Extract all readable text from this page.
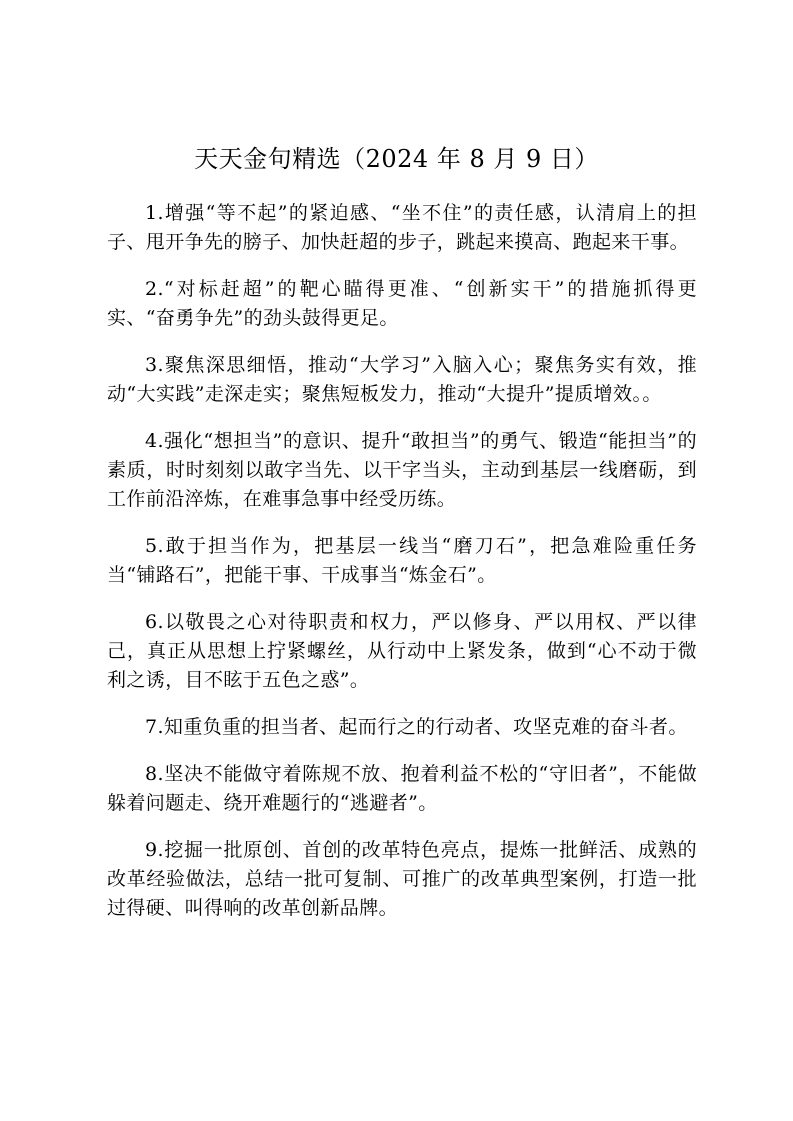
天天金句精选（2024 年 8 月 9 日）

1.增强“等不起”的紧迫感、“坐不住”的责任感，认清肩上的担子、甩开争先的膀子、加快赶超的步子，跳起来摸高、跑起来干事。

2.“对标赶超”的靶心瞄得更准、“创新实干”的措施抓得更实、“奋勇争先”的劲头鼓得更足。

3.聚焦深思细悟，推动“大学习”入脑入心；聚焦务实有效，推动“大实践”走深走实；聚焦短板发力，推动“大提升”提质增效。。

4.强化“想担当”的意识、提升“敢担当”的勇气、锻造“能担当”的素质，时时刻刻以敢字当先、以干字当头，主动到基层一线磨砺，到工作前沿淬炼，在难事急事中经受历练。

5.敢于担当作为，把基层一线当“磨刀石”，把急难险重任务当“铺路石”，把能干事、干成事当“炼金石”。

6.以敬畏之心对待职责和权力，严以修身、严以用权、严以律己，真正从思想上拧紧螺丝，从行动中上紧发条，做到“心不动于微利之诱，目不眩于五色之惑”。

7.知重负重的担当者、起而行之的行动者、攻坚克难的奋斗者。

8.坚决不能做守着陈规不放、抱着利益不松的“守旧者”，不能做躲着问题走、绕开难题行的“逃避者”。

9.挖掘一批原创、首创的改革特色亮点，提炼一批鲜活、成熟的改革经验做法，总结一批可复制、可推广的改革典型案例，打造一批过得硬、叫得响的改革创新品牌。
